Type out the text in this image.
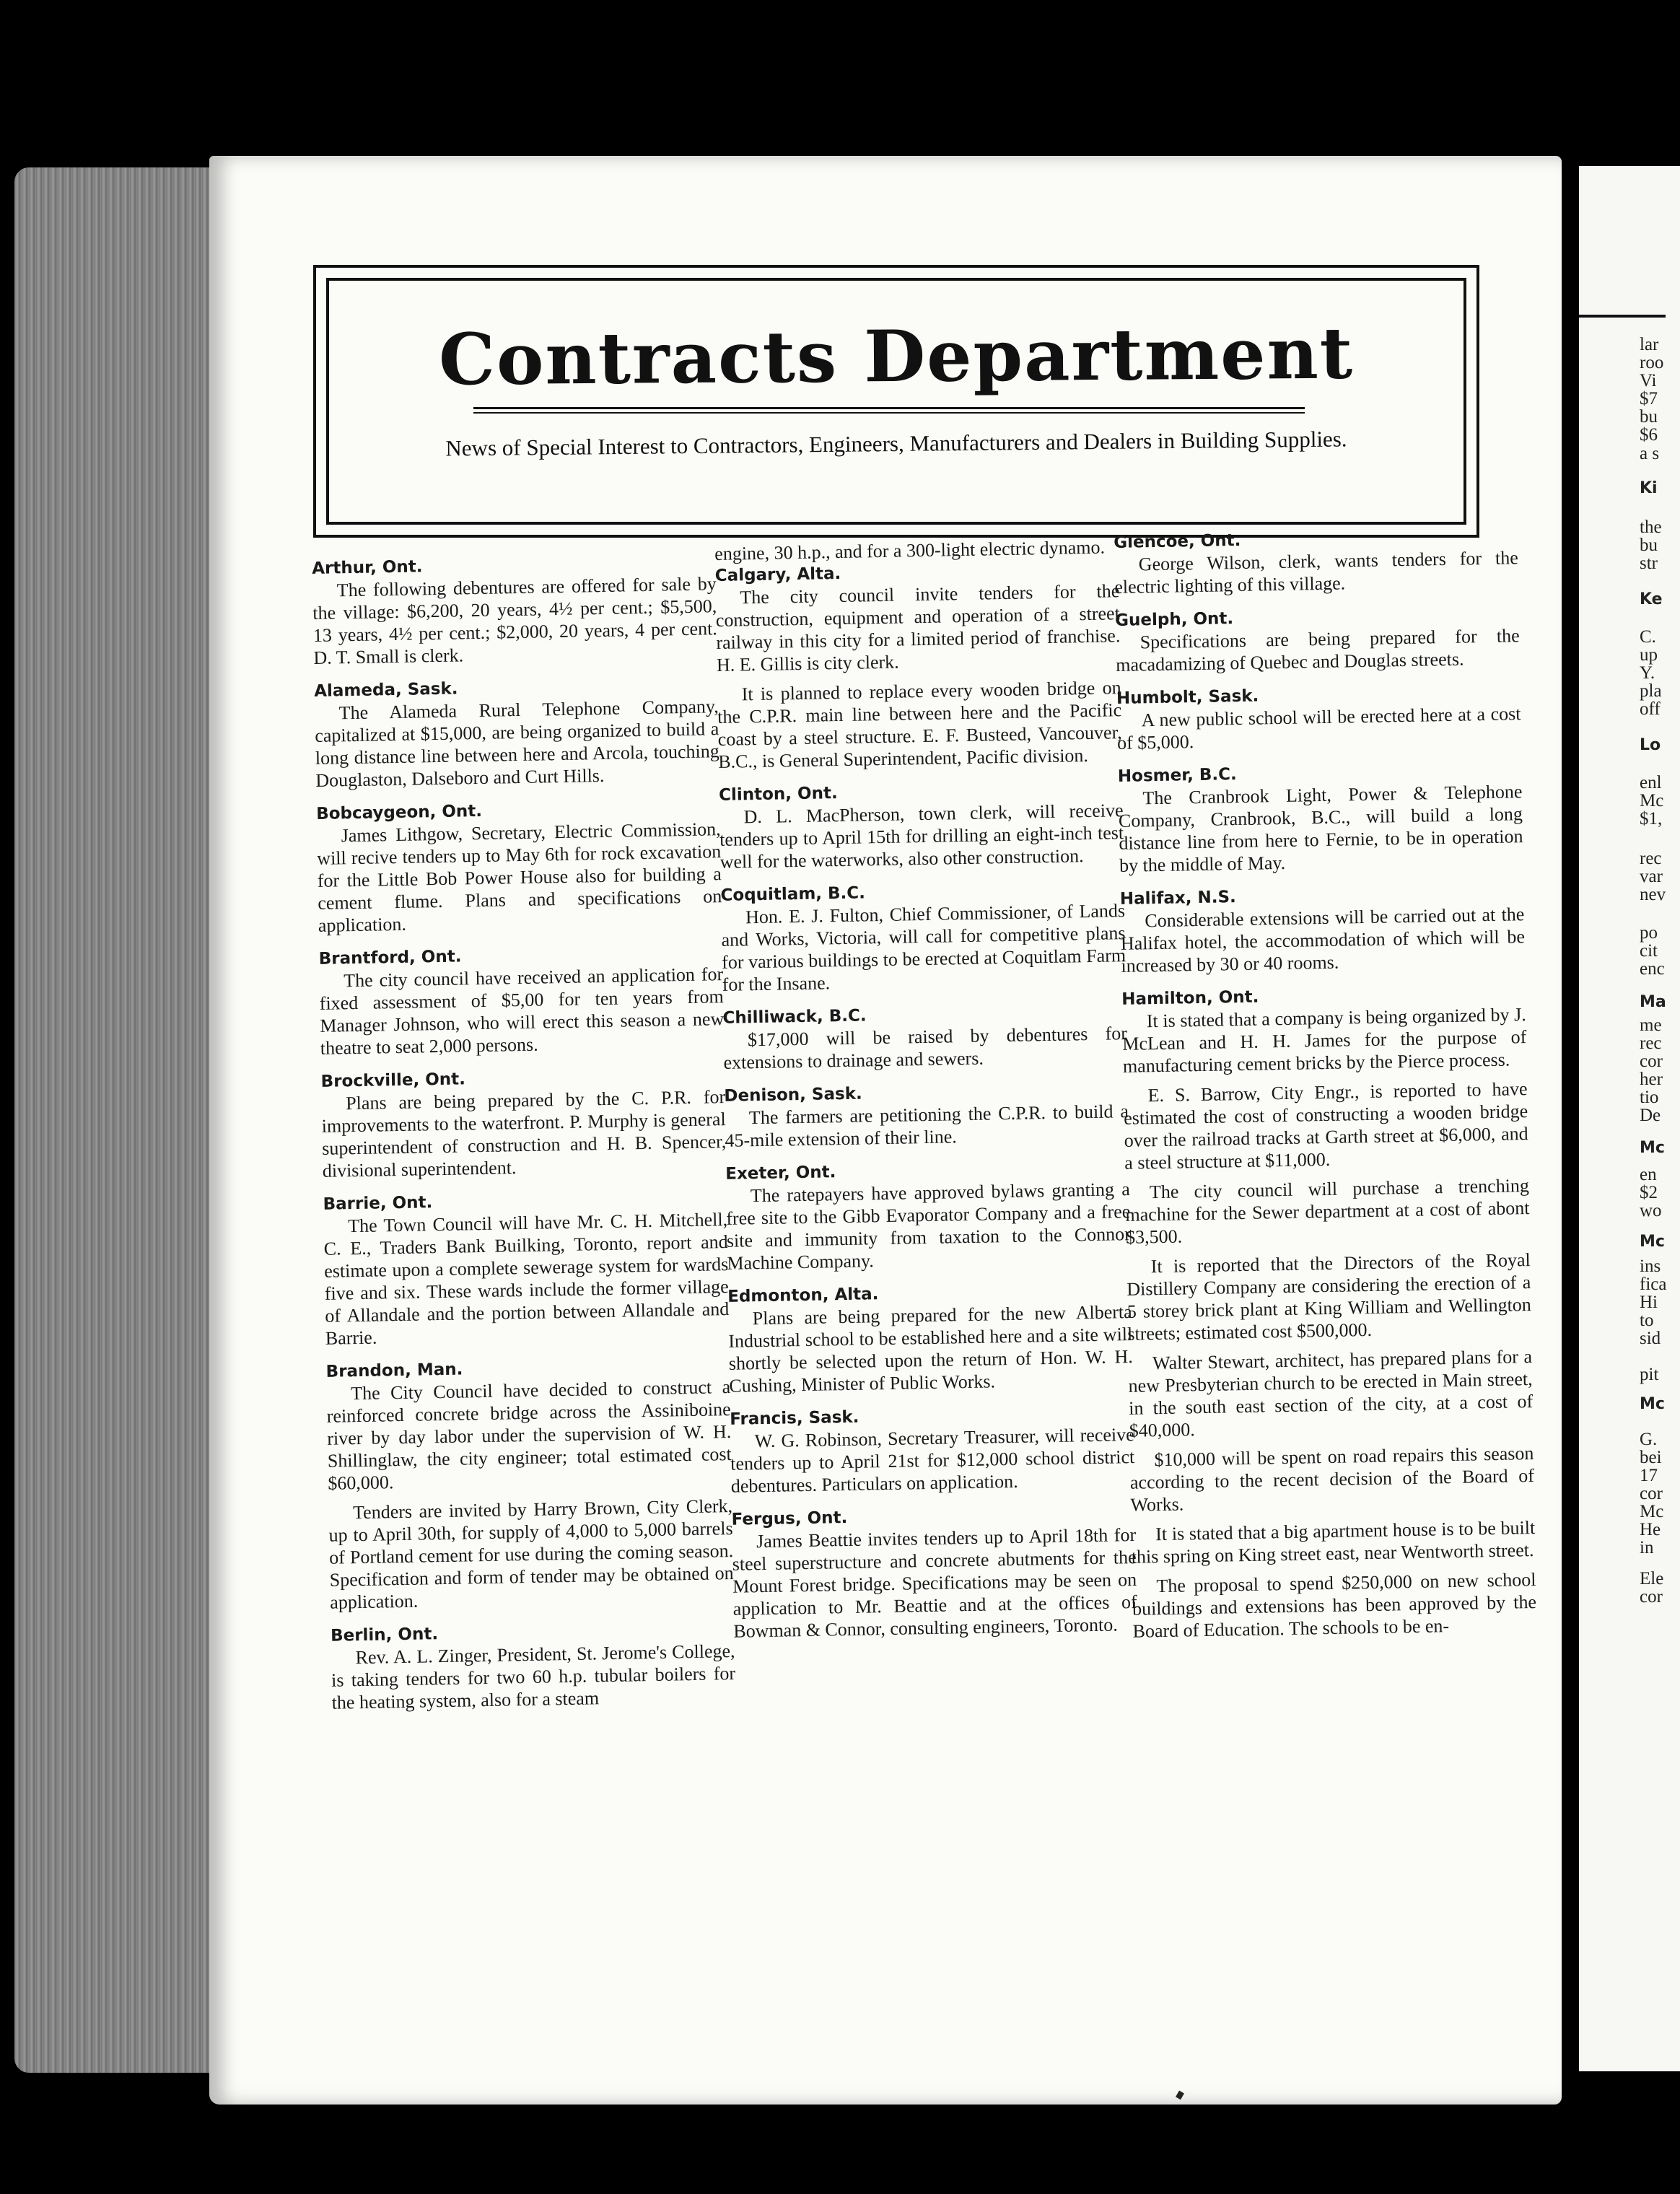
lar
roo
Vi
$7
bu
$6
a s
Ki
the
bu
str
Ke
C.
up
Y.
pla
off
Lo
enl
Mc
$1,
rec
var
nev
po
cit
enc
Ma
me
rec
cor
her
tio
De
Mc
en
$2
wo
Mc
ins
fica
Hi
to
sid
pit
Mc
G.
bei
17
cor
Mc
He
in
Ele
cor
Contracts Department
News of Special Interest to Contractors, Engineers, Manufacturers and Dealers in Building Supplies.

Arthur, Ont.

The following debentures are offered for sale by the village: $6,200, 20 years, 4½ per cent.; $5,500, 13 years, 4½ per cent.; $2,000, 20 years, 4 per cent. D. T. Small is clerk.

Alameda, Sask.

The Alameda Rural Telephone Company, capitalized at $15,000, are being organized to build a long distance line between here and Arcola, touching Douglaston, Dalseboro and Curt Hills.

Bobcaygeon, Ont.

James Lithgow, Secretary, Electric Commission, will recive tenders up to May 6th for rock excavation for the Little Bob Power House also for building a cement flume. Plans and specifications on application.

Brantford, Ont.

The city council have received an application for fixed assessment of $5,00 for ten years from Manager Johnson, who will erect this season a new theatre to seat 2,000 persons.

Brockville, Ont.

Plans are being prepared by the C. P.R. for improvements to the waterfront. P. Murphy is general superintendent of construction and H. B. Spencer, divisional superintendent.

Barrie, Ont.

The Town Council will have Mr. C. H. Mitchell, C. E., Traders Bank Builking, Toronto, report and estimate upon a complete sewerage system for wards five and six. These wards include the former village of Allandale and the portion between Allandale and Barrie.

Brandon, Man.

The City Council have decided to construct a reinforced concrete bridge across the Assiniboine river by day labor under the supervision of W. H. Shillinglaw, the city engineer; total estimated cost $60,000.

Tenders are invited by Harry Brown, City Clerk, up to April 30th, for supply of 4,000 to 5,000 barrels of Portland cement for use during the coming season. Specification and form of tender may be obtained on application.

Berlin, Ont.

Rev. A. L. Zinger, President, St. Jerome's College, is taking tenders for two 60 h.p. tubular boilers for the heating system, also for a steam

engine, 30 h.p., and for a 300-light electric dynamo.

Calgary, Alta.

The city council invite tenders for the construction, equipment and operation of a street railway in this city for a limited period of franchise. H. E. Gillis is city clerk.

It is planned to replace every wooden bridge on the C.P.R. main line between here and the Pacific coast by a steel structure. E. F. Busteed, Vancouver, B.C., is General Superintendent, Pacific division.

Clinton, Ont.

D. L. MacPherson, town clerk, will receive tenders up to April 15th for drilling an eight-inch test well for the waterworks, also other construction.

Coquitlam, B.C.

Hon. E. J. Fulton, Chief Commissioner, of Lands and Works, Victoria, will call for competitive plans for various buildings to be erected at Coquitlam Farm for the Insane.

Chilliwack, B.C.

$17,000 will be raised by debentures for extensions to drainage and sewers.

Denison, Sask.

The farmers are petitioning the C.P.R. to build a 45-mile extension of their line.

Exeter, Ont.

The ratepayers have approved bylaws granting a free site to the Gibb Evaporator Company and a free site and immunity from taxation to the Connor Machine Company.

Edmonton, Alta.

Plans are being prepared for the new Alberta Industrial school to be established here and a site will shortly be selected upon the return of Hon. W. H. Cushing, Minister of Public Works.

Francis, Sask.

W. G. Robinson, Secretary Treasurer, will receive tenders up to April 21st for $12,000 school district debentures. Particulars on application.

Fergus, Ont.

James Beattie invites tenders up to April 18th for steel superstructure and concrete abutments for the Mount Forest bridge. Specifications may be seen on application to Mr. Beattie and at the offices of Bowman & Connor, consulting engineers, Toronto.

Glencoe, Ont.

George Wilson, clerk, wants tenders for the electric lighting of this village.

Guelph, Ont.

Specifications are being prepared for the macadamizing of Quebec and Douglas streets.

Humbolt, Sask.

A new public school will be erected here at a cost of $5,000.

Hosmer, B.C.

The Cranbrook Light, Power & Telephone Company, Cranbrook, B.C., will build a long distance line from here to Fernie, to be in operation by the middle of May.

Halifax, N.S.

Considerable extensions will be carried out at the Halifax hotel, the accommodation of which will be increased by 30 or 40 rooms.

Hamilton, Ont.

It is stated that a company is being organized by J. McLean and H. H. James for the purpose of manufacturing cement bricks by the Pierce process.

E. S. Barrow, City Engr., is reported to have estimated the cost of constructing a wooden bridge over the railroad tracks at Garth street at $6,000, and a steel structure at $11,000.

The city council will purchase a trenching machine for the Sewer department at a cost of abont $3,500.

It is reported that the Directors of the Royal Distillery Company are considering the erection of a 5 storey brick plant at King William and Wellington streets; estimated cost $500,000.

Walter Stewart, architect, has prepared plans for a new Presbyterian church to be erected in Main street, in the south east section of the city, at a cost of $40,000.

$10,000 will be spent on road repairs this season according to the recent decision of the Board of Works.

It is stated that a big apartment house is to be built this spring on King street east, near Wentworth street.

The proposal to spend $250,000 on new school buildings and extensions has been approved by the Board of Education. The schools to be en-
